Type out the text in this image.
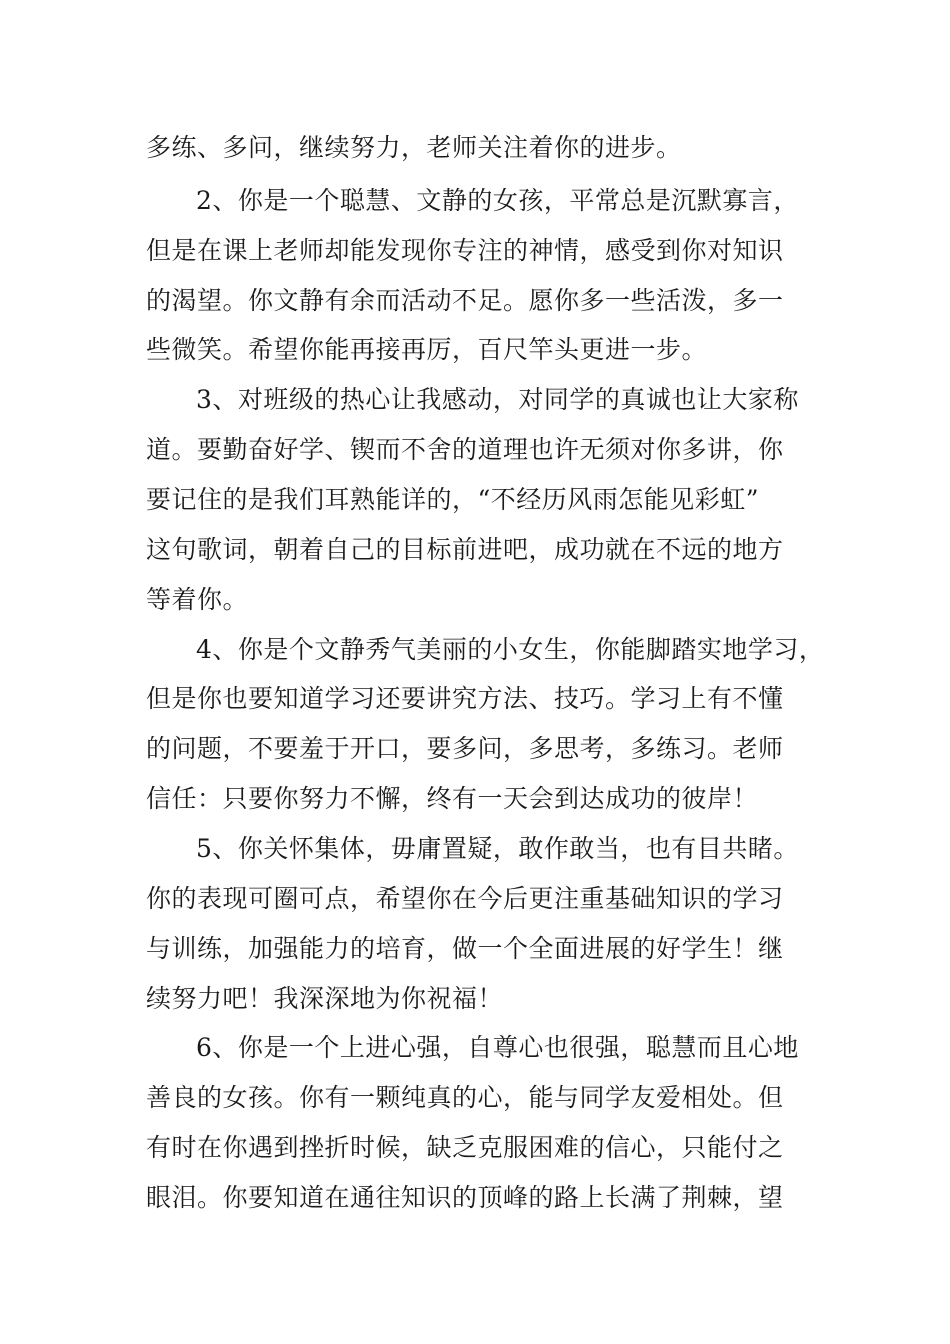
多练、多问，继续努力，老师关注着你的进步。
2、你是一个聪慧、文静的女孩，平常总是沉默寡言，
但是在课上老师却能发现你专注的神情，感受到你对知识
的渴望。你文静有余而活动不足。愿你多一些活泼，多一
些微笑。希望你能再接再厉，百尺竿头更进一步。
3、对班级的热心让我感动，对同学的真诚也让大家称
道。要勤奋好学、锲而不舍的道理也许无须对你多讲，你
要记住的是我们耳熟能详的，“不经历风雨怎能见彩虹”
这句歌词，朝着自己的目标前进吧，成功就在不远的地方
等着你。
4、你是个文静秀气美丽的小女生，你能脚踏实地学习，
但是你也要知道学习还要讲究方法、技巧。学习上有不懂
的问题，不要羞于开口，要多问，多思考，多练习。老师
信任：只要你努力不懈，终有一天会到达成功的彼岸！
5、你关怀集体，毋庸置疑，敢作敢当，也有目共睹。
你的表现可圈可点，希望你在今后更注重基础知识的学习
与训练，加强能力的培育，做一个全面进展的好学生！继
续努力吧！我深深地为你祝福！
6、你是一个上进心强，自尊心也很强，聪慧而且心地
善良的女孩。你有一颗纯真的心，能与同学友爱相处。但
有时在你遇到挫折时候，缺乏克服困难的信心，只能付之
眼泪。你要知道在通往知识的顶峰的路上长满了荆棘，望
